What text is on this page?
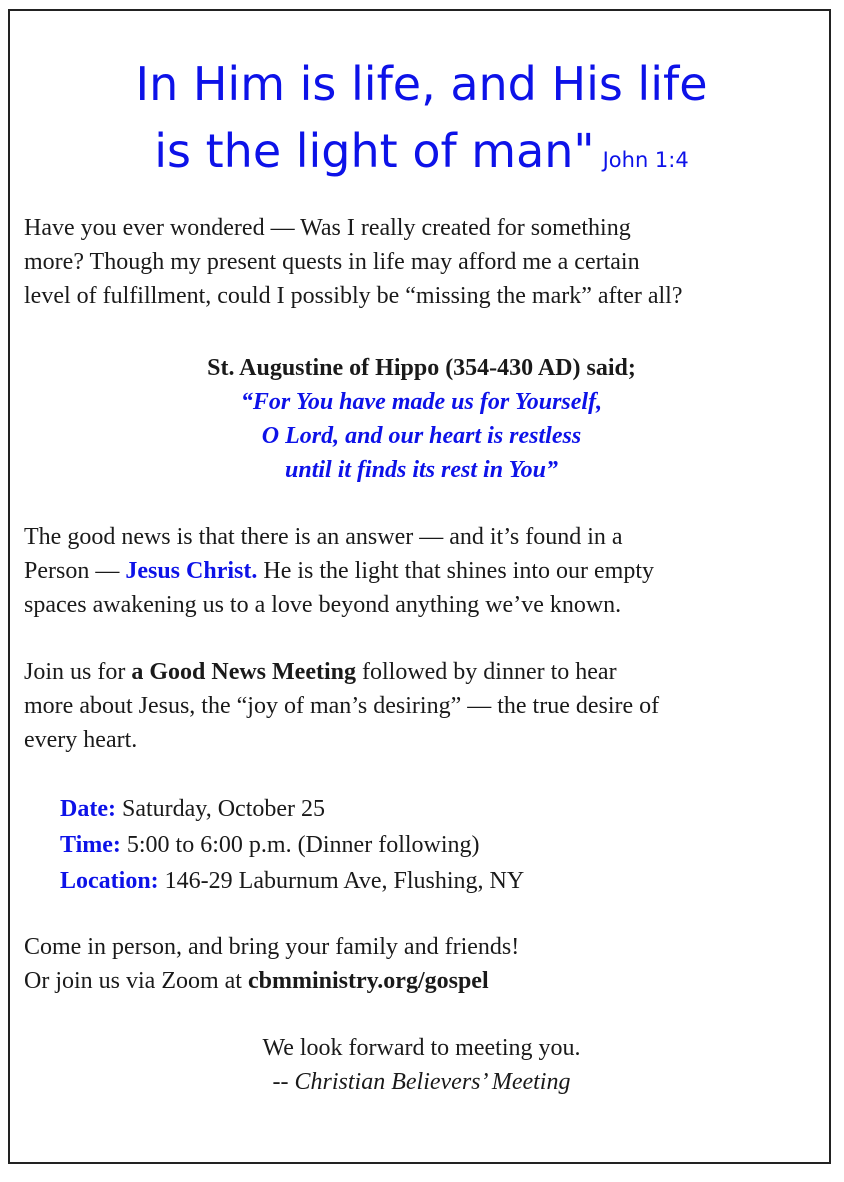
In Him is life, and His life
is the light of man" John 1:4
Have you ever wondered — Was I really created for something
more? Though my present quests in life may afford me a certain
level of fulfillment, could I possibly be “missing the mark” after all?
St. Augustine of Hippo (354-430 AD) said;
“For You have made us for Yourself,
O Lord, and our heart is restless
until it finds its rest in You”
The good news is that there is an answer — and it’s found in a
Person — Jesus Christ. He is the light that shines into our empty
spaces awakening us to a love beyond anything we’ve known.
Join us for a Good News Meeting followed by dinner to hear
more about Jesus, the “joy of man’s desiring” — the true desire of
every heart.
Date: Saturday, October 25
Time: 5:00 to 6:00 p.m. (Dinner following)
Location: 146-29 Laburnum Ave, Flushing, NY
Come in person, and bring your family and friends!
Or join us via Zoom at cbmministry.org/gospel
We look forward to meeting you.
-- Christian Believers’ Meeting
